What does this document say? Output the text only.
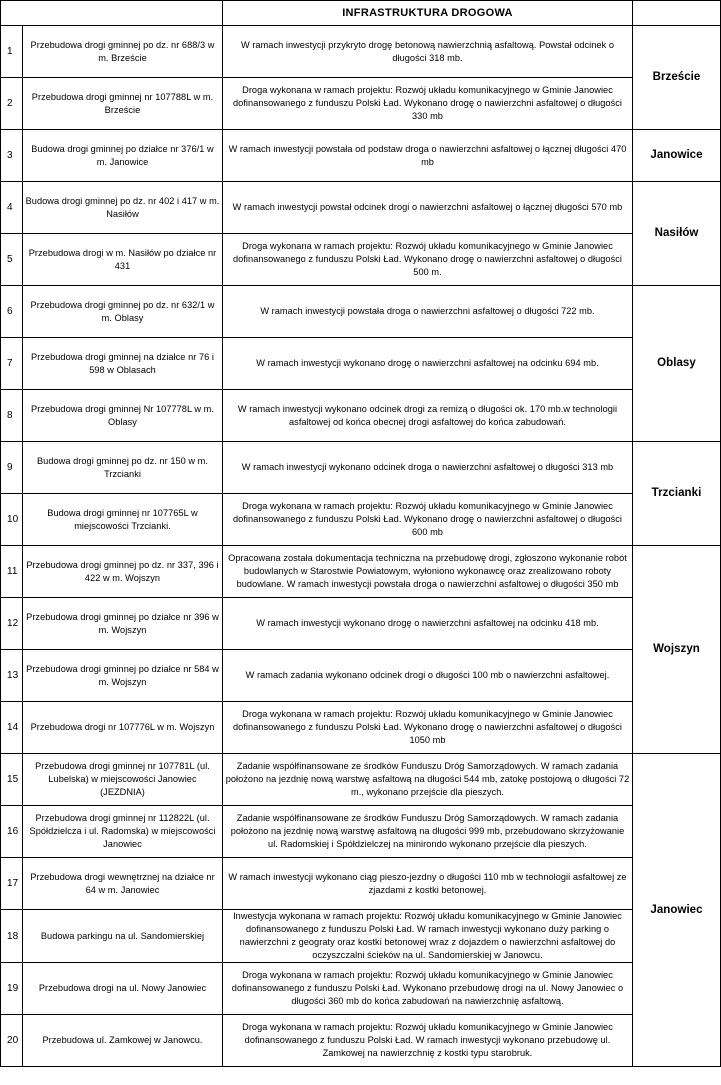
		INFRASTRUKTURA DROGOWA	
1	Przebudowa drogi gminnej po dz. nr 688/3 w m. Brzeście	W ramach inwestycji przykryto drogę betonową nawierzchnią asfaltową. Powstał odcinek o długości 318 mb.	Brzeście
2	Przebudowa drogi gminnej nr 107788L w m. Brzeście	Droga wykonana w ramach projektu: Rozwój układu komunikacyjnego w Gminie Janowiec dofinansowanego z funduszu Polski Ład. Wykonano drogę o nawierzchni asfaltowej o długości 330 mb	
3	Budowa drogi gminnej po działce nr 376/1 w m. Janowice	W ramach inwestycji powstała od podstaw droga o nawierzchni asfaltowej o łącznej długości 470 mb	Janowice
4	Budowa drogi gminnej po dz. nr 402 i 417 w m. Nasiłów	W ramach inwestycji powstał odcinek drogi o nawierzchni asfaltowej o łącznej długości 570 mb	Nasiłów
5	Przebudowa drogi w m. Nasiłów po działce nr 431	Droga wykonana w ramach projektu: Rozwój układu komunikacyjnego w Gminie Janowiec dofinansowanego z funduszu Polski Ład. Wykonano drogę o nawierzchni asfaltowej o długości 500 m.	
6	Przebudowa drogi gminnej po dz. nr 632/1 w m. Oblasy	W ramach inwestycji powstała droga o nawierzchni asfaltowej o długości 722 mb.	Oblasy
7	Przebudowa drogi gminnej na działce nr 76 i 598 w Oblasach	W ramach inwestycji wykonano drogę o nawierzchni asfaltowej na odcinku 694 mb.	
8	Przebudowa drogi gminnej Nr 107778L w m. Oblasy	W ramach inwestycji wykonano odcinek drogi za remizą o długości ok. 170 mb.w technologii asfaltowej od końca obecnej drogi asfaltowej do końca zabudowań.	
9	Budowa drogi gminnej po dz. nr 150 w m. Trzcianki	W ramach inwestycji wykonano odcinek droga o nawierzchni asfaltowej o długości 313 mb	Trzcianki
10	Budowa drogi gminnej nr 107765L w miejscowości Trzcianki.	Droga wykonana w ramach projektu: Rozwój układu komunikacyjnego w Gminie Janowiec dofinansowanego z funduszu Polski Ład. Wykonano drogę o nawierzchni asfaltowej o długości 600 mb	
11	Przebudowa drogi gminnej po dz. nr 337, 396 i 422 w m. Wojszyn	Opracowana została dokumentacja techniczna na przebudowę drogi, zgłoszono wykonanie robót budowlanych w Starostwie Powiatowym, wyłoniono wykonawcę oraz zrealizowano roboty budowlane. W ramach inwestycji powstała droga o nawierzchni asfaltowej o długości 350 mb	Wojszyn
12	Przebudowa drogi gminnej po działce nr 396 w m. Wojszyn	W ramach inwestycji wykonano drogę o nawierzchni asfaltowej na odcinku 418 mb.	
13	Przebudowa drogi gminnej po działce nr 584 w m. Wojszyn	W ramach zadania wykonano odcinek drogi o długości 100 mb o nawierzchni asfaltowej.	
14	Przebudowa drogi nr 107776L w m. Wojszyn	Droga wykonana w ramach projektu: Rozwój układu komunikacyjnego w Gminie Janowiec dofinansowanego z funduszu Polski Ład. Wykonano drogę o nawierzchni asfaltowej o długości 1050 mb	
15	Przebudowa drogi gminnej nr 107781L (ul. Lubelska) w miejscowości Janowiec (JEZDNIA)	Zadanie współfinansowane ze środków Funduszu Dróg Samorządowych. W ramach zadania położono na jezdnię nową warstwę asfaltową na długości 544 mb, zatokę postojową o długości 72 m., wykonano przejście dla pieszych.	Janowiec
16	Przebudowa drogi gminnej nr 112822L (ul. Spółdzielcza i ul. Radomska) w miejscowości Janowiec	Zadanie współfinansowane ze środków Funduszu Dróg Samorządowych. W ramach zadania położono na jezdnię nową warstwę asfaltową na długości 999 mb, przebudowano skrzyżowanie ul. Radomskiej i Spółdzielczej na minirondo wykonano przejście dla pieszych.	
17	Przebudowa drogi wewnętrznej na działce nr 64 w m. Janowiec	W ramach inwestycji wykonano ciąg pieszo-jezdny o długości 110 mb w technologii asfaltowej ze zjazdami z kostki betonowej.	
18	Budowa parkingu na ul. Sandomierskiej	Inwestycja wykonana w ramach projektu: Rozwój układu komunikacyjnego w Gminie Janowiec dofinansowanego z funduszu Polski Ład. W ramach inwestycji wykonano duży parking o nawierzchni z geograty oraz kostki betonowej wraz z dojazdem o nawierzchni asfaltowej do oczyszczalni ścieków na ul. Sandomierskiej w Janowcu.	
19	Przebudowa drogi na ul. Nowy Janowiec	Droga wykonana w ramach projektu: Rozwój układu komunikacyjnego w Gminie Janowiec dofinansowanego z funduszu Polski Ład. Wykonano przebudowę drogi na ul. Nowy Janowiec o długości 360 mb do końca zabudowań na nawierzchnię asfaltową.	
20	Przebudowa ul. Zamkowej w Janowcu.	Droga wykonana w ramach projektu: Rozwój układu komunikacyjnego w Gminie Janowiec dofinansowanego z funduszu Polski Ład. W ramach inwestycji wykonano przebudowę ul. Zamkowej na nawierzchnię z kostki typu starobruk.	
